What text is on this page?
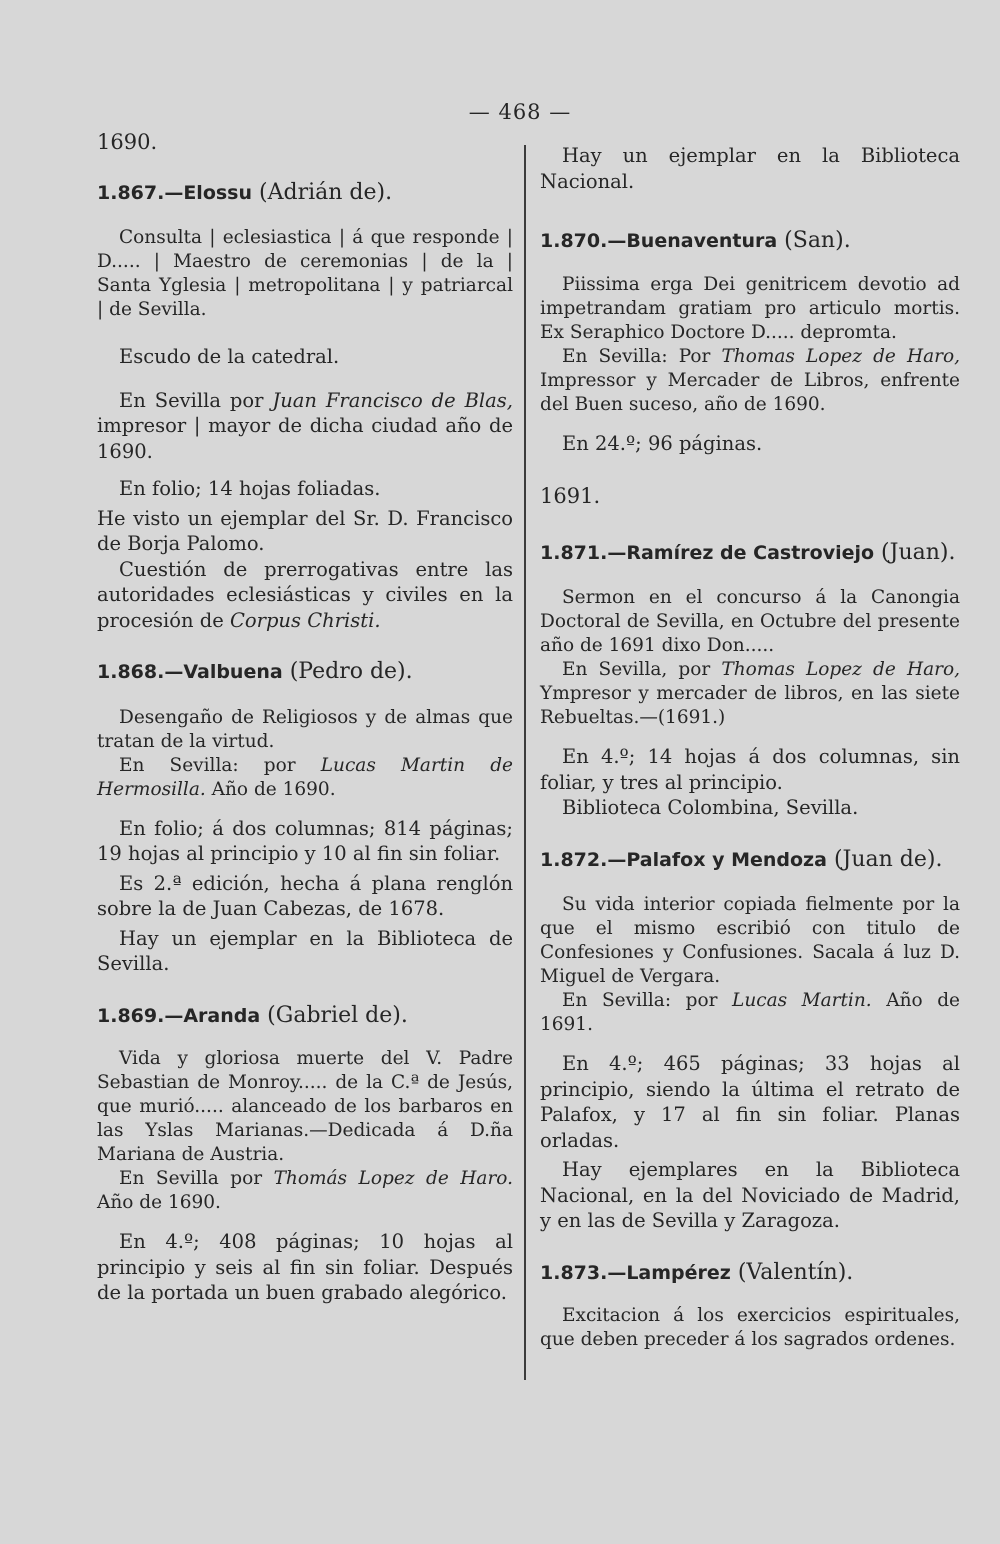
— 468 —

1690.

1.867.—Elossu (Adrián de).

Consulta | eclesiastica | á que responde | D..... | Maestro de ceremonias | de la | Santa Yglesia | metropolitana | y patriarcal | de Sevilla.

Escudo de la catedral.

En Sevilla por Juan Francisco de Blas, impresor | mayor de dicha ciudad año de 1690.

En folio; 14 hojas foliadas.

He visto un ejemplar del Sr. D. Francisco de Borja Palomo.

Cuestión de prerrogativas entre las autoridades eclesiásticas y civiles en la procesión de Corpus Christi.

1.868.—Valbuena (Pedro de).

Desengaño de Religiosos y de almas que tratan de la virtud.

En Sevilla: por Lucas Martin de Hermosilla. Año de 1690.

En folio; á dos columnas; 814 páginas; 19 hojas al principio y 10 al fin sin foliar.

Es 2.ª edición, hecha á plana renglón sobre la de Juan Cabezas, de 1678.

Hay un ejemplar en la Biblioteca de Sevilla.

1.869.—Aranda (Gabriel de).

Vida y gloriosa muerte del V. Padre Sebastian de Monroy..... de la C.ª de Jesús, que murió..... alanceado de los barbaros en las Yslas Marianas.—Dedicada á D.ña Mariana de Austria.

En Sevilla por Thomás Lopez de Haro. Año de 1690.

En 4.º; 408 páginas; 10 hojas al principio y seis al fin sin foliar. Después de la portada un buen grabado alegórico.

Hay un ejemplar en la Biblioteca Nacional.

1.870.—Buenaventura (San).

Piissima erga Dei genitricem devotio ad impetrandam gratiam pro articulo mortis. Ex Seraphico Doctore D..... depromta.

En Sevilla: Por Thomas Lopez de Haro, Impressor y Mercader de Libros, enfrente del Buen suceso, año de 1690.

En 24.º; 96 páginas.

1691.

1.871.—Ramírez de Castroviejo (Juan).

Sermon en el concurso á la Canongia Doctoral de Sevilla, en Octubre del presente año de 1691 dixo Don.....

En Sevilla, por Thomas Lopez de Haro, Ympresor y mercader de libros, en las siete Rebueltas.—(1691.)

En 4.º; 14 hojas á dos columnas, sin foliar, y tres al principio.

Biblioteca Colombina, Sevilla.

1.872.—Palafox y Mendoza (Juan de).

Su vida interior copiada fielmente por la que el mismo escribió con titulo de Confesiones y Confusiones. Sacala á luz D. Miguel de Vergara.

En Sevilla: por Lucas Martin. Año de 1691.

En 4.º; 465 páginas; 33 hojas al principio, siendo la última el retrato de Palafox, y 17 al fin sin foliar. Planas orladas.

Hay ejemplares en la Biblioteca Nacional, en la del Noviciado de Madrid, y en las de Sevilla y Zaragoza.

1.873.—Lampérez (Valentín).

Excitacion á los exercicios espirituales, que deben preceder á los sagrados ordenes.
